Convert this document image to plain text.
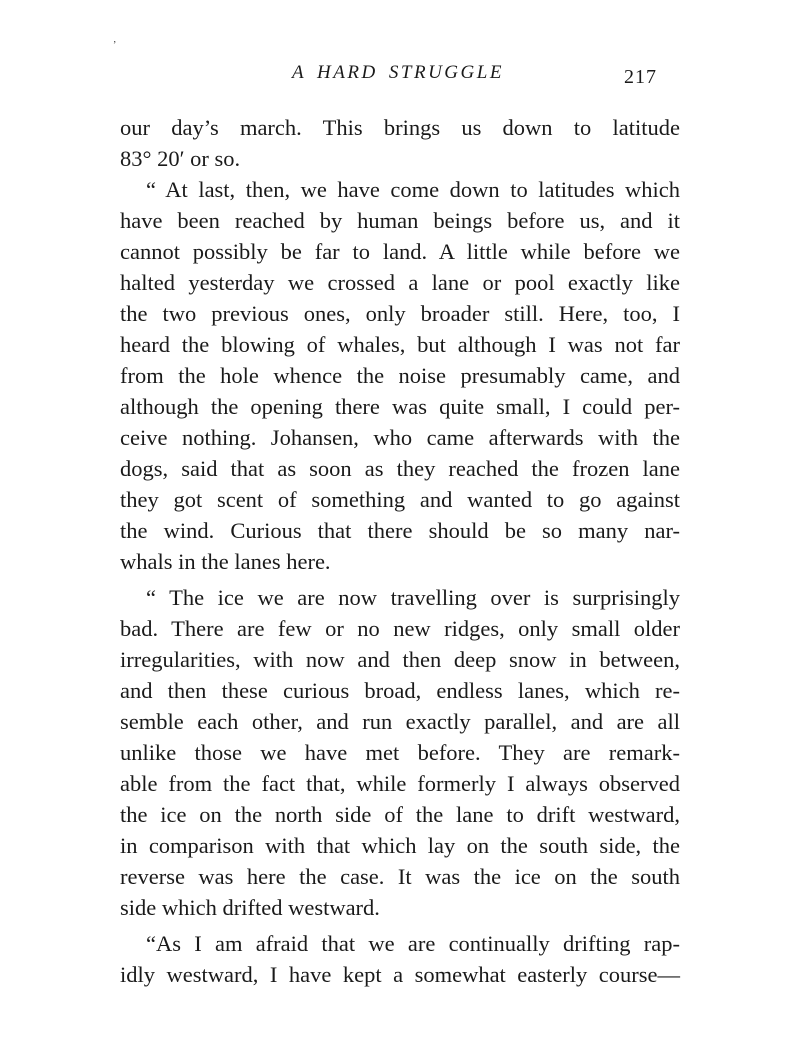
’
A HARD STRUGGLE	217
our day’s march. This brings us down to latitude
83° 20′ or so.
“ At last, then, we have come down to latitudes which
have been reached by human beings before us, and it
cannot possibly be far to land. A little while before we
halted yesterday we crossed a lane or pool exactly like
the two previous ones, only broader still. Here, too, I
heard the blowing of whales, but although I was not far
from the hole whence the noise presumably came, and
although the opening there was quite small, I could per-
ceive nothing. Johansen, who came afterwards with the
dogs, said that as soon as they reached the frozen lane
they got scent of something and wanted to go against
the wind. Curious that there should be so many nar-
whals in the lanes here.
“ The ice we are now travelling over is surprisingly
bad. There are few or no new ridges, only small older
irregularities, with now and then deep snow in between,
and then these curious broad, endless lanes, which re-
semble each other, and run exactly parallel, and are all
unlike those we have met before. They are remark-
able from the fact that, while formerly I always observed
the ice on the north side of the lane to drift westward,
in comparison with that which lay on the south side, the
reverse was here the case. It was the ice on the south
side which drifted westward.
“As I am afraid that we are continually drifting rap-
idly westward, I have kept a somewhat easterly course—
